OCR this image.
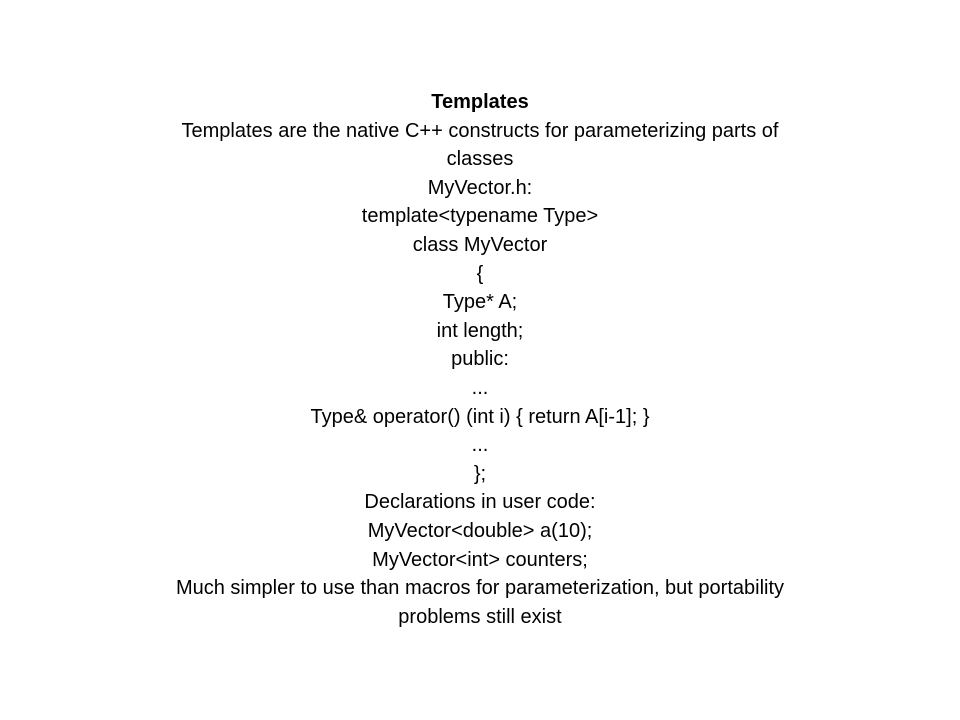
Templates
Templates are the native C++ constructs for parameterizing parts of
classes
MyVector.h:
template<typename Type>
class MyVector
{
Type* A;
int length;
public:
...
Type& operator() (int i) { return A[i-1]; }
...
};
Declarations in user code:
MyVector<double> a(10);
MyVector<int> counters;
Much simpler to use than macros for parameterization, but portability
problems still exist
